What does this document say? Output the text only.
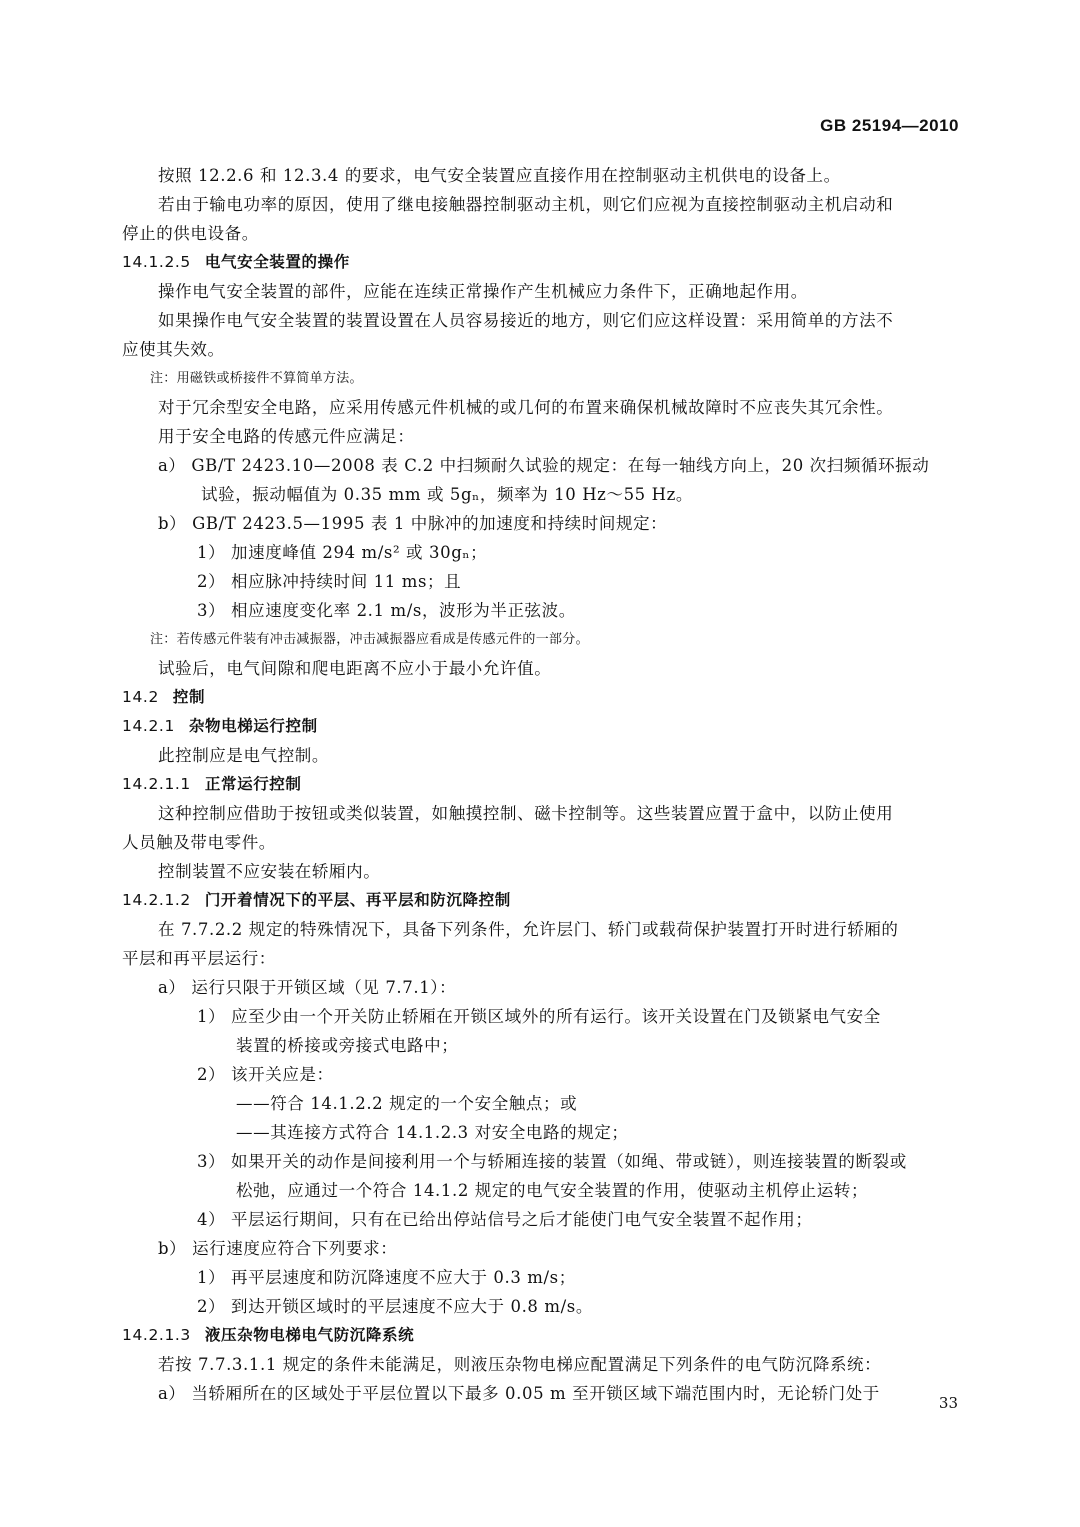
GB 25194—2010
按照 12.2.6 和 12.3.4 的要求，电气安全装置应直接作用在控制驱动主机供电的设备上。
若由于输电功率的原因，使用了继电接触器控制驱动主机，则它们应视为直接控制驱动主机启动和
停止的供电设备。
14.1.2.5 电气安全装置的操作
操作电气安全装置的部件，应能在连续正常操作产生机械应力条件下，正确地起作用。
如果操作电气安全装置的装置设置在人员容易接近的地方，则它们应这样设置：采用简单的方法不
应使其失效。
注：用磁铁或桥接件不算简单方法。
对于冗余型安全电路，应采用传感元件机械的或几何的布置来确保机械故障时不应丧失其冗余性。
用于安全电路的传感元件应满足：
a） GB/T 2423.10—2008 表 C.2 中扫频耐久试验的规定：在每一轴线方向上，20 次扫频循环振动
试验，振动幅值为 0.35 mm 或 5gₙ，频率为 10 Hz～55 Hz。
b） GB/T 2423.5—1995 表 1 中脉冲的加速度和持续时间规定：
1） 加速度峰值 294 m/s² 或 30gₙ；
2） 相应脉冲持续时间 11 ms；且
3） 相应速度变化率 2.1 m/s，波形为半正弦波。
注：若传感元件装有冲击减振器，冲击减振器应看成是传感元件的一部分。
试验后，电气间隙和爬电距离不应小于最小允许值。
14.2 控制
14.2.1 杂物电梯运行控制
此控制应是电气控制。
14.2.1.1 正常运行控制
这种控制应借助于按钮或类似装置，如触摸控制、磁卡控制等。这些装置应置于盒中，以防止使用
人员触及带电零件。
控制装置不应安装在轿厢内。
14.2.1.2 门开着情况下的平层、再平层和防沉降控制
在 7.7.2.2 规定的特殊情况下，具备下列条件，允许层门、轿门或载荷保护装置打开时进行轿厢的
平层和再平层运行：
a） 运行只限于开锁区域（见 7.7.1）：
1） 应至少由一个开关防止轿厢在开锁区域外的所有运行。该开关设置在门及锁紧电气安全
装置的桥接或旁接式电路中；
2） 该开关应是：
——符合 14.1.2.2 规定的一个安全触点；或
——其连接方式符合 14.1.2.3 对安全电路的规定；
3） 如果开关的动作是间接利用一个与轿厢连接的装置（如绳、带或链），则连接装置的断裂或
松弛，应通过一个符合 14.1.2 规定的电气安全装置的作用，使驱动主机停止运转；
4） 平层运行期间，只有在已给出停站信号之后才能使门电气安全装置不起作用；
b） 运行速度应符合下列要求：
1） 再平层速度和防沉降速度不应大于 0.3 m/s；
2） 到达开锁区域时的平层速度不应大于 0.8 m/s。
14.2.1.3 液压杂物电梯电气防沉降系统
若按 7.7.3.1.1 规定的条件未能满足，则液压杂物电梯应配置满足下列条件的电气防沉降系统：
a） 当轿厢所在的区域处于平层位置以下最多 0.05 m 至开锁区域下端范围内时，无论轿门处于	33
